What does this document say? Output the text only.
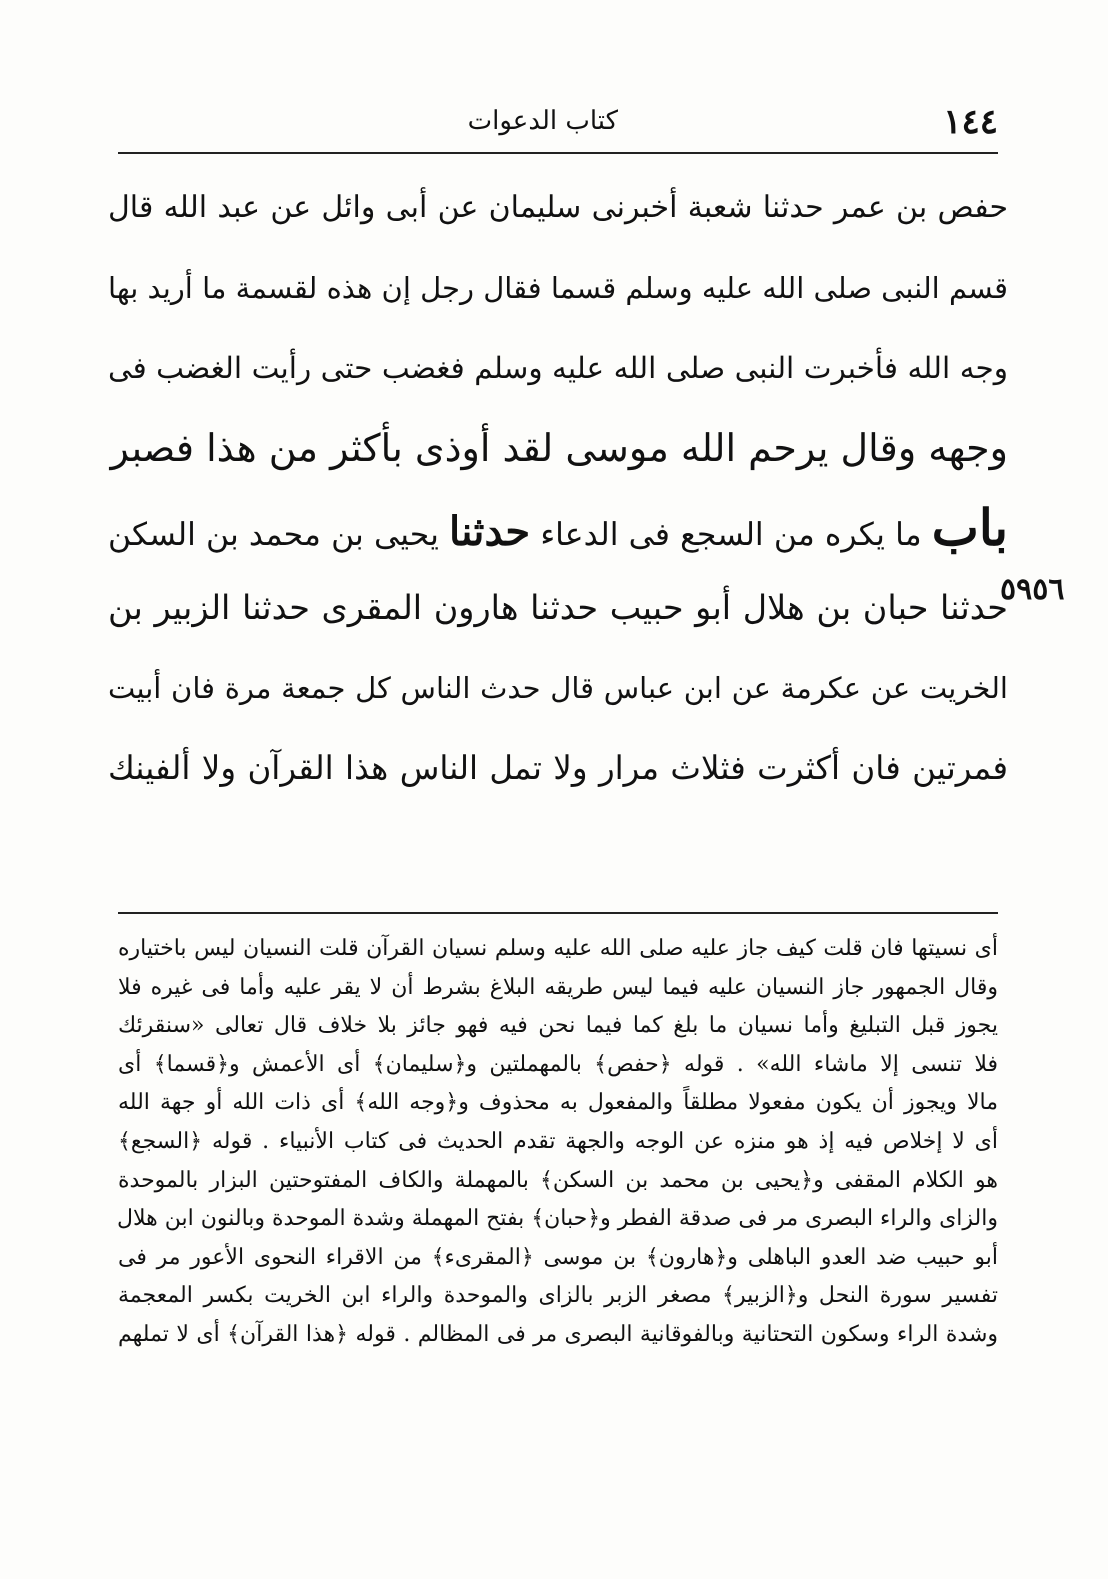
١٤٤
كتاب الدعوات
٥٩٥٦
حفص بن عمر حدثنا شعبة أخبرنى سليمان عن أبى وائل عن عبد الله قال
قسم النبى صلى الله عليه وسلم قسما فقال رجل إن هذه لقسمة ما أريد بها
وجه الله فأخبرت النبى صلى الله عليه وسلم فغضب حتى رأيت الغضب فى
وجهه وقال يرحم الله موسى لقد أوذى بأكثر من هذا فصبر
باب ما يكره من السجع فى الدعاء حدثنا يحيى بن محمد بن السكن
حدثنا حبان بن هلال أبو حبيب حدثنا هارون المقرى حدثنا الزبير بن
الخريت عن عكرمة عن ابن عباس قال حدث الناس كل جمعة مرة فان أبيت
فمرتين فان أكثرت فثلاث مرار ولا تمل الناس هذا القرآن ولا ألفينك
أى نسيتها فان قلت كيف جاز عليه صلى الله عليه وسلم نسيان القرآن قلت النسيان ليس باختياره
وقال الجمهور جاز النسيان عليه فيما ليس طريقه البلاغ بشرط أن لا يقر عليه وأما فى غيره فلا
يجوز قبل التبليغ وأما نسيان ما بلغ كما فيما نحن فيه فهو جائز بلا خلاف قال تعالى «سنقرئك
فلا تنسى إلا ماشاء الله» . قوله ﴿حفص﴾ بالمهملتين و﴿سليمان﴾ أى الأعمش و﴿قسما﴾ أى
مالا ويجوز أن يكون مفعولا مطلقاً والمفعول به محذوف و﴿وجه الله﴾ أى ذات الله أو جهة الله
أى لا إخلاص فيه إذ هو منزه عن الوجه والجهة تقدم الحديث فى كتاب الأنبياء . قوله ﴿السجع﴾
هو الكلام المقفى و﴿يحيى بن محمد بن السكن﴾ بالمهملة والكاف المفتوحتين البزار بالموحدة
والزاى والراء البصرى مر فى صدقة الفطر و﴿حبان﴾ بفتح المهملة وشدة الموحدة وبالنون ابن هلال
أبو حبيب ضد العدو الباهلى و﴿هارون﴾ بن موسى ﴿المقرىء﴾ من الاقراء النحوى الأعور مر فى
تفسير سورة النحل و﴿الزبير﴾ مصغر الزبر بالزاى والموحدة والراء ابن الخريت بكسر المعجمة
وشدة الراء وسكون التحتانية وبالفوقانية البصرى مر فى المظالم . قوله ﴿هذا القرآن﴾ أى لا تملهم
